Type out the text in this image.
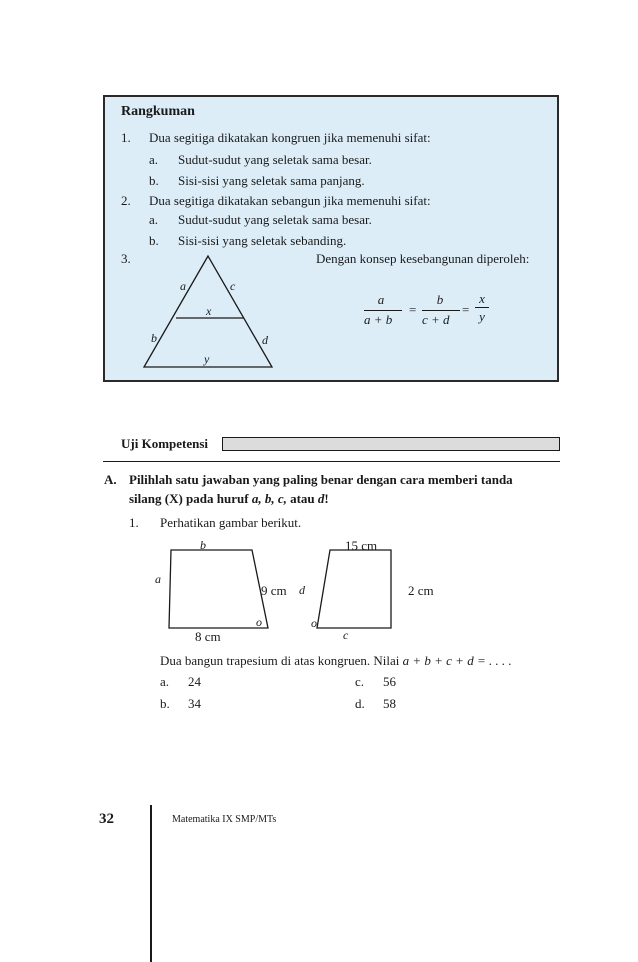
Rangkuman
1. Dua segitiga dikatakan kongruen jika memenuhi sifat:
a. Sudut-sudut yang seletak sama besar.
b. Sisi-sisi yang seletak sama panjang.
2. Dua segitiga dikatakan sebangun jika memenuhi sifat:
a. Sudut-sudut yang seletak sama besar.
b. Sisi-sisi yang seletak sebanding.
3.	Dengan konsep kesebangunan diperoleh:
a	c
x
b	d
y
a
a + b
=
b
c + d
=
x
y
Uji Kompetensi
A. Pilihlah satu jawaban yang paling benar dengan cara memberi tanda
silang (X) pada huruf a, b, c, atau d!
1. Perhatikan gambar berikut.
b
a
9 cm
o
8 cm
15 cm
d	2 cm
o
c
Dua bangun trapesium di atas kongruen. Nilai a + b + c + d = . . . .
a. 24
b. 34
c. 56
d. 58
32	Matematika IX SMP/MTs
